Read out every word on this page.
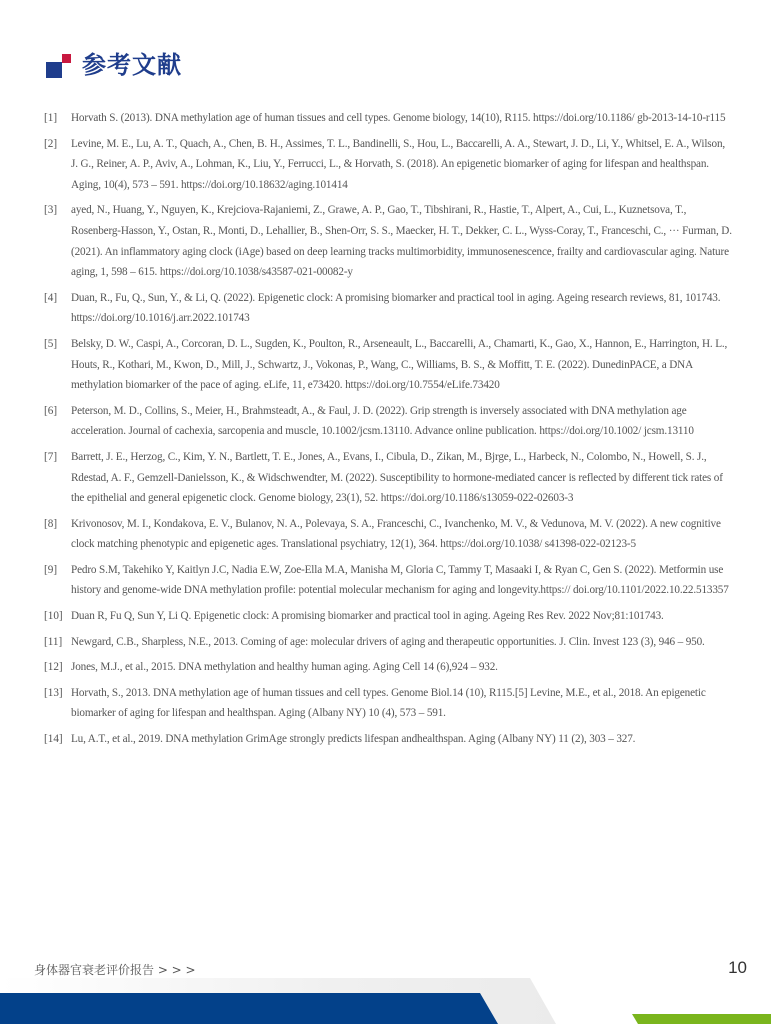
参考文献
[1]	Horvath S. (2013). DNA methylation age of human tissues and cell types. Genome biology, 14(10), R115. https://doi.org/10.1186/ gb-2013-14-10-r115
[2]	Levine, M. E., Lu, A. T., Quach, A., Chen, B. H., Assimes, T. L., Bandinelli, S., Hou, L., Baccarelli, A. A., Stewart, J. D., Li, Y., Whitsel, E. A., Wilson, J. G., Reiner, A. P., Aviv, A., Lohman, K., Liu, Y., Ferrucci, L., & Horvath, S. (2018). An epigenetic biomarker of aging for lifespan and healthspan. Aging, 10(4), 573 – 591. https://doi.org/10.18632/aging.101414
[3]	ayed, N., Huang, Y., Nguyen, K., Krejciova-Rajaniemi, Z., Grawe, A. P., Gao, T., Tibshirani, R., Hastie, T., Alpert, A., Cui, L., Kuznetsova, T., Rosenberg-Hasson, Y., Ostan, R., Monti, D., Lehallier, B., Shen-Orr, S. S., Maecker, H. T., Dekker, C. L., Wyss-Coray, T., Franceschi, C., ··· Furman, D. (2021). An inflammatory aging clock (iAge) based on deep learning tracks multimorbidity, immunosenescence, frailty and cardiovascular aging. Nature aging, 1, 598 – 615. https://doi.org/10.1038/s43587-021-00082-y
[4]	Duan, R., Fu, Q., Sun, Y., & Li, Q. (2022). Epigenetic clock: A promising biomarker and practical tool in aging. Ageing research reviews, 81, 101743. https://doi.org/10.1016/j.arr.2022.101743
[5]	Belsky, D. W., Caspi, A., Corcoran, D. L., Sugden, K., Poulton, R., Arseneault, L., Baccarelli, A., Chamarti, K., Gao, X., Hannon, E., Harrington, H. L., Houts, R., Kothari, M., Kwon, D., Mill, J., Schwartz, J., Vokonas, P., Wang, C., Williams, B. S., & Moffitt, T. E. (2022). DunedinPACE, a DNA methylation biomarker of the pace of aging. eLife, 11, e73420. https://doi.org/10.7554/eLife.73420
[6]	Peterson, M. D., Collins, S., Meier, H., Brahmsteadt, A., & Faul, J. D. (2022). Grip strength is inversely associated with DNA methylation age acceleration. Journal of cachexia, sarcopenia and muscle, 10.1002/jcsm.13110. Advance online publication. https://doi.org/10.1002/ jcsm.13110
[7]	Barrett, J. E., Herzog, C., Kim, Y. N., Bartlett, T. E., Jones, A., Evans, I., Cibula, D., Zikan, M., Bjrge, L., Harbeck, N., Colombo, N., Howell, S. J., Rdestad, A. F., Gemzell-Danielsson, K., & Widschwendter, M. (2022). Susceptibility to hormone-mediated cancer is reflected by different tick rates of the epithelial and general epigenetic clock. Genome biology, 23(1), 52. https://doi.org/10.1186/s13059-022-02603-3
[8]	Krivonosov, M. I., Kondakova, E. V., Bulanov, N. A., Polevaya, S. A., Franceschi, C., Ivanchenko, M. V., & Vedunova, M. V. (2022). A new cognitive clock matching phenotypic and epigenetic ages. Translational psychiatry, 12(1), 364. https://doi.org/10.1038/ s41398-022-02123-5
[9]	Pedro S.M, Takehiko Y, Kaitlyn J.C, Nadia E.W, Zoe-Ella M.A, Manisha M, Gloria C, Tammy T, Masaaki I, & Ryan C, Gen S. (2022). Metformin use history and genome-wide DNA methylation profile: potential molecular mechanism for aging and longevity.https:// doi.org/10.1101/2022.10.22.513357
[10] Duan R, Fu Q, Sun Y, Li Q. Epigenetic clock: A promising biomarker and practical tool in aging. Ageing Res Rev. 2022 Nov;81:101743.
[11] Newgard, C.B., Sharpless, N.E., 2013. Coming of age: molecular drivers of aging and therapeutic opportunities. J. Clin. Invest 123 (3), 946 – 950.
[12] Jones, M.J., et al., 2015. DNA methylation and healthy human aging. Aging Cell 14 (6),924 – 932.
[13] Horvath, S., 2013. DNA methylation age of human tissues and cell types. Genome Biol.14 (10), R115.[5] Levine, M.E., et al., 2018. An epigenetic biomarker of aging for lifespan and healthspan. Aging (Albany NY) 10 (4), 573 – 591.
[14] Lu, A.T., et al., 2019. DNA methylation GrimAge strongly predicts lifespan andhealthspan. Aging (Albany NY) 11 (2), 303 – 327.
身体器官衰老评价报告 > > >	10
